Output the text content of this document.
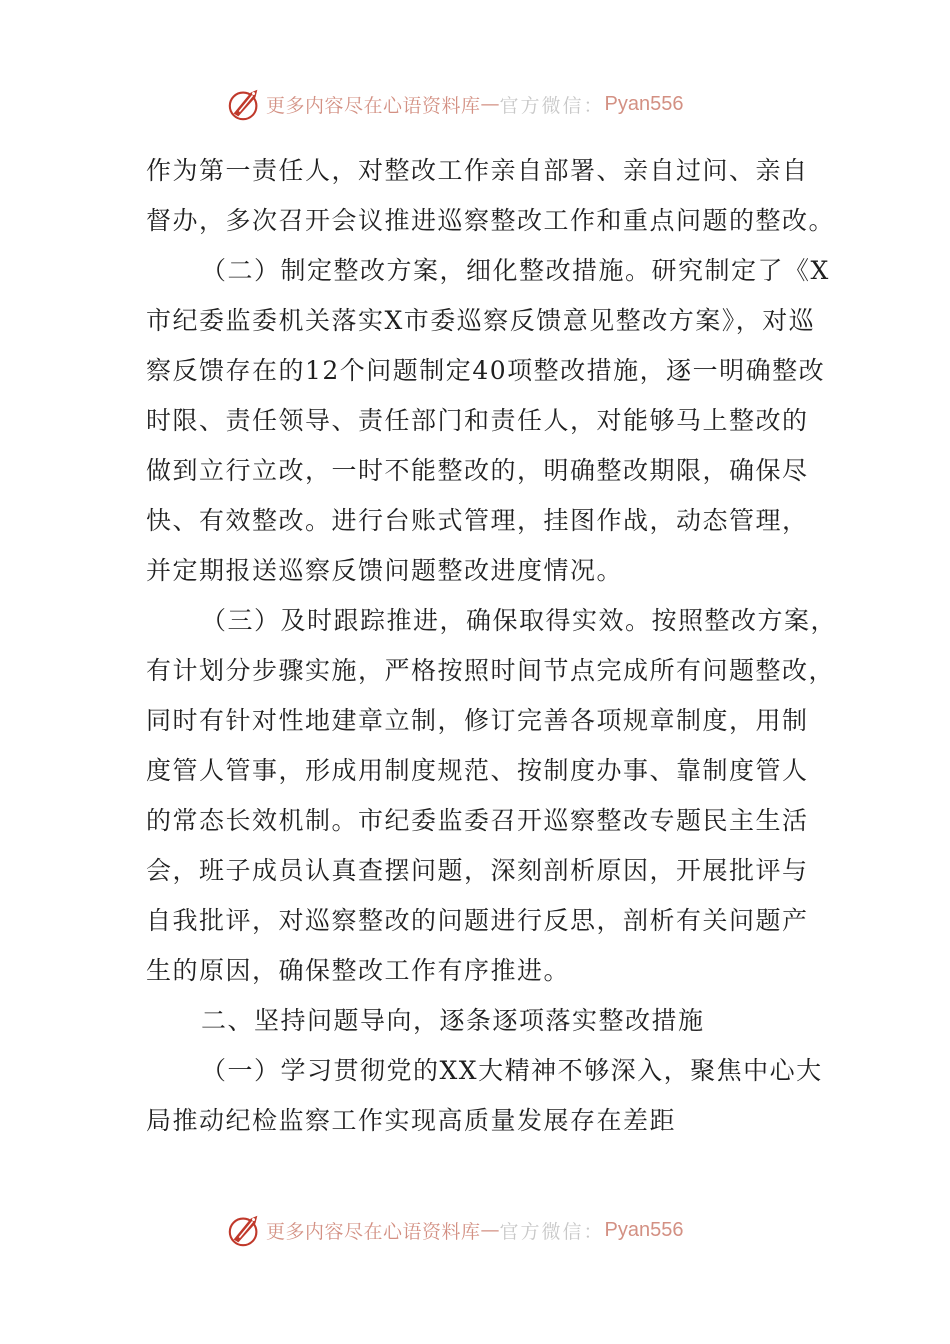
更多内容尽在心语资料库 — 官方微信： Pyan556
作为第一责任人，对整改工作亲自部署、亲自过问、亲自
督办，多次召开会议推进巡察整改工作和重点问题的整改。
（二）制定整改方案，细化整改措施。研究制定了《X
市纪委监委机关落实X市委巡察反馈意见整改方案》，对巡
察反馈存在的12个问题制定40项整改措施，逐一明确整改
时限、责任领导、责任部门和责任人，对能够马上整改的
做到立行立改，一时不能整改的，明确整改期限，确保尽
快、有效整改。进行台账式管理，挂图作战，动态管理，
并定期报送巡察反馈问题整改进度情况。
（三）及时跟踪推进，确保取得实效。按照整改方案，
有计划分步骤实施，严格按照时间节点完成所有问题整改，
同时有针对性地建章立制，修订完善各项规章制度，用制
度管人管事，形成用制度规范、按制度办事、靠制度管人
的常态长效机制。市纪委监委召开巡察整改专题民主生活
会，班子成员认真查摆问题，深刻剖析原因，开展批评与
自我批评，对巡察整改的问题进行反思，剖析有关问题产
生的原因，确保整改工作有序推进。
二、坚持问题导向，逐条逐项落实整改措施
（一）学习贯彻党的XX大精神不够深入，聚焦中心大
局推动纪检监察工作实现高质量发展存在差距
更多内容尽在心语资料库 — 官方微信： Pyan556
